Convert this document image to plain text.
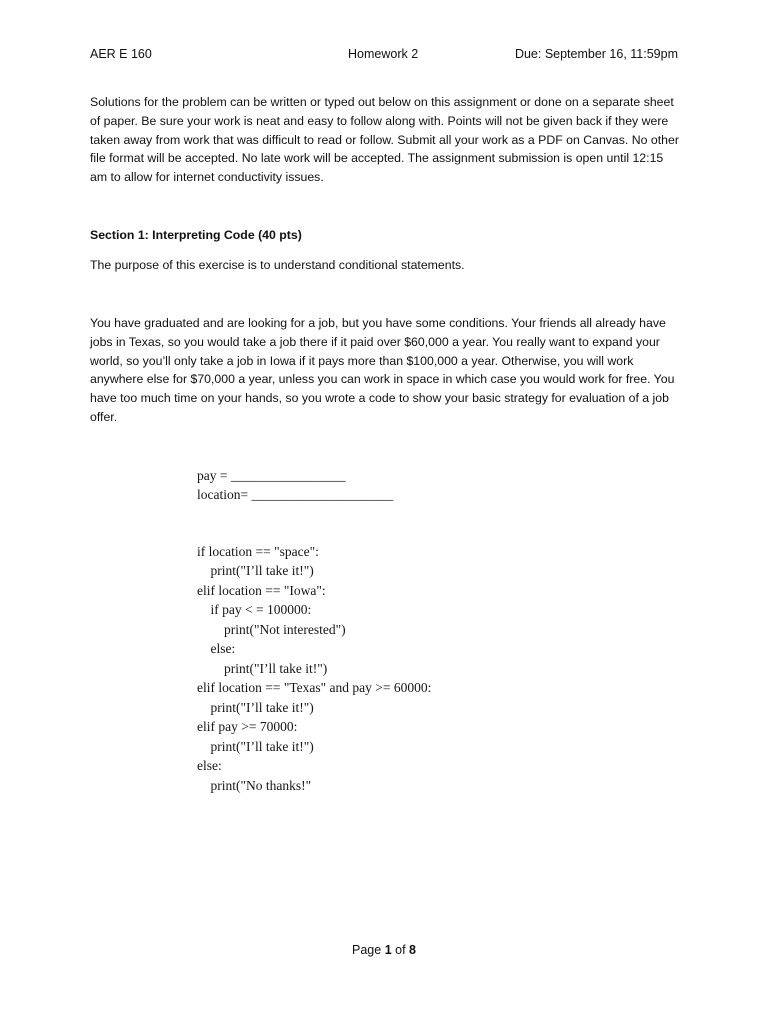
AER E 160	Homework 2	Due: September 16, 11:59pm

Solutions for the problem can be written or typed out below on this assignment or done on a separate sheet of paper. Be sure your work is neat and easy to follow along with. Points will not be given back if they were taken away from work that was difficult to read or follow. Submit all your work as a PDF on Canvas. No other file format will be accepted. No late work will be accepted. The assignment submission is open until 12:15 am to allow for internet conductivity issues.

Section 1: Interpreting Code (40 pts)

The purpose of this exercise is to understand conditional statements.

You have graduated and are looking for a job, but you have some conditions. Your friends all already have jobs in Texas, so you would take a job there if it paid over $60,000 a year. You really want to expand your world, so you’ll only take a job in Iowa if it pays more than $100,000 a year. Otherwise, you will work anywhere else for $70,000 a year, unless you can work in space in which case you would work for free. You have too much time on your hands, so you wrote a code to show your basic strategy for evaluation of a job offer.

pay = _________________
location= _____________________
if location == "space":
print("I’ll take it!")
elif location == "Iowa":
if pay < = 100000:
print("Not interested")
else:
print("I’ll take it!")
elif location == "Texas" and pay >= 60000:
print("I’ll take it!")
elif pay >= 70000:
print("I’ll take it!")
else:
print("No thanks!"
Page 1 of 8
